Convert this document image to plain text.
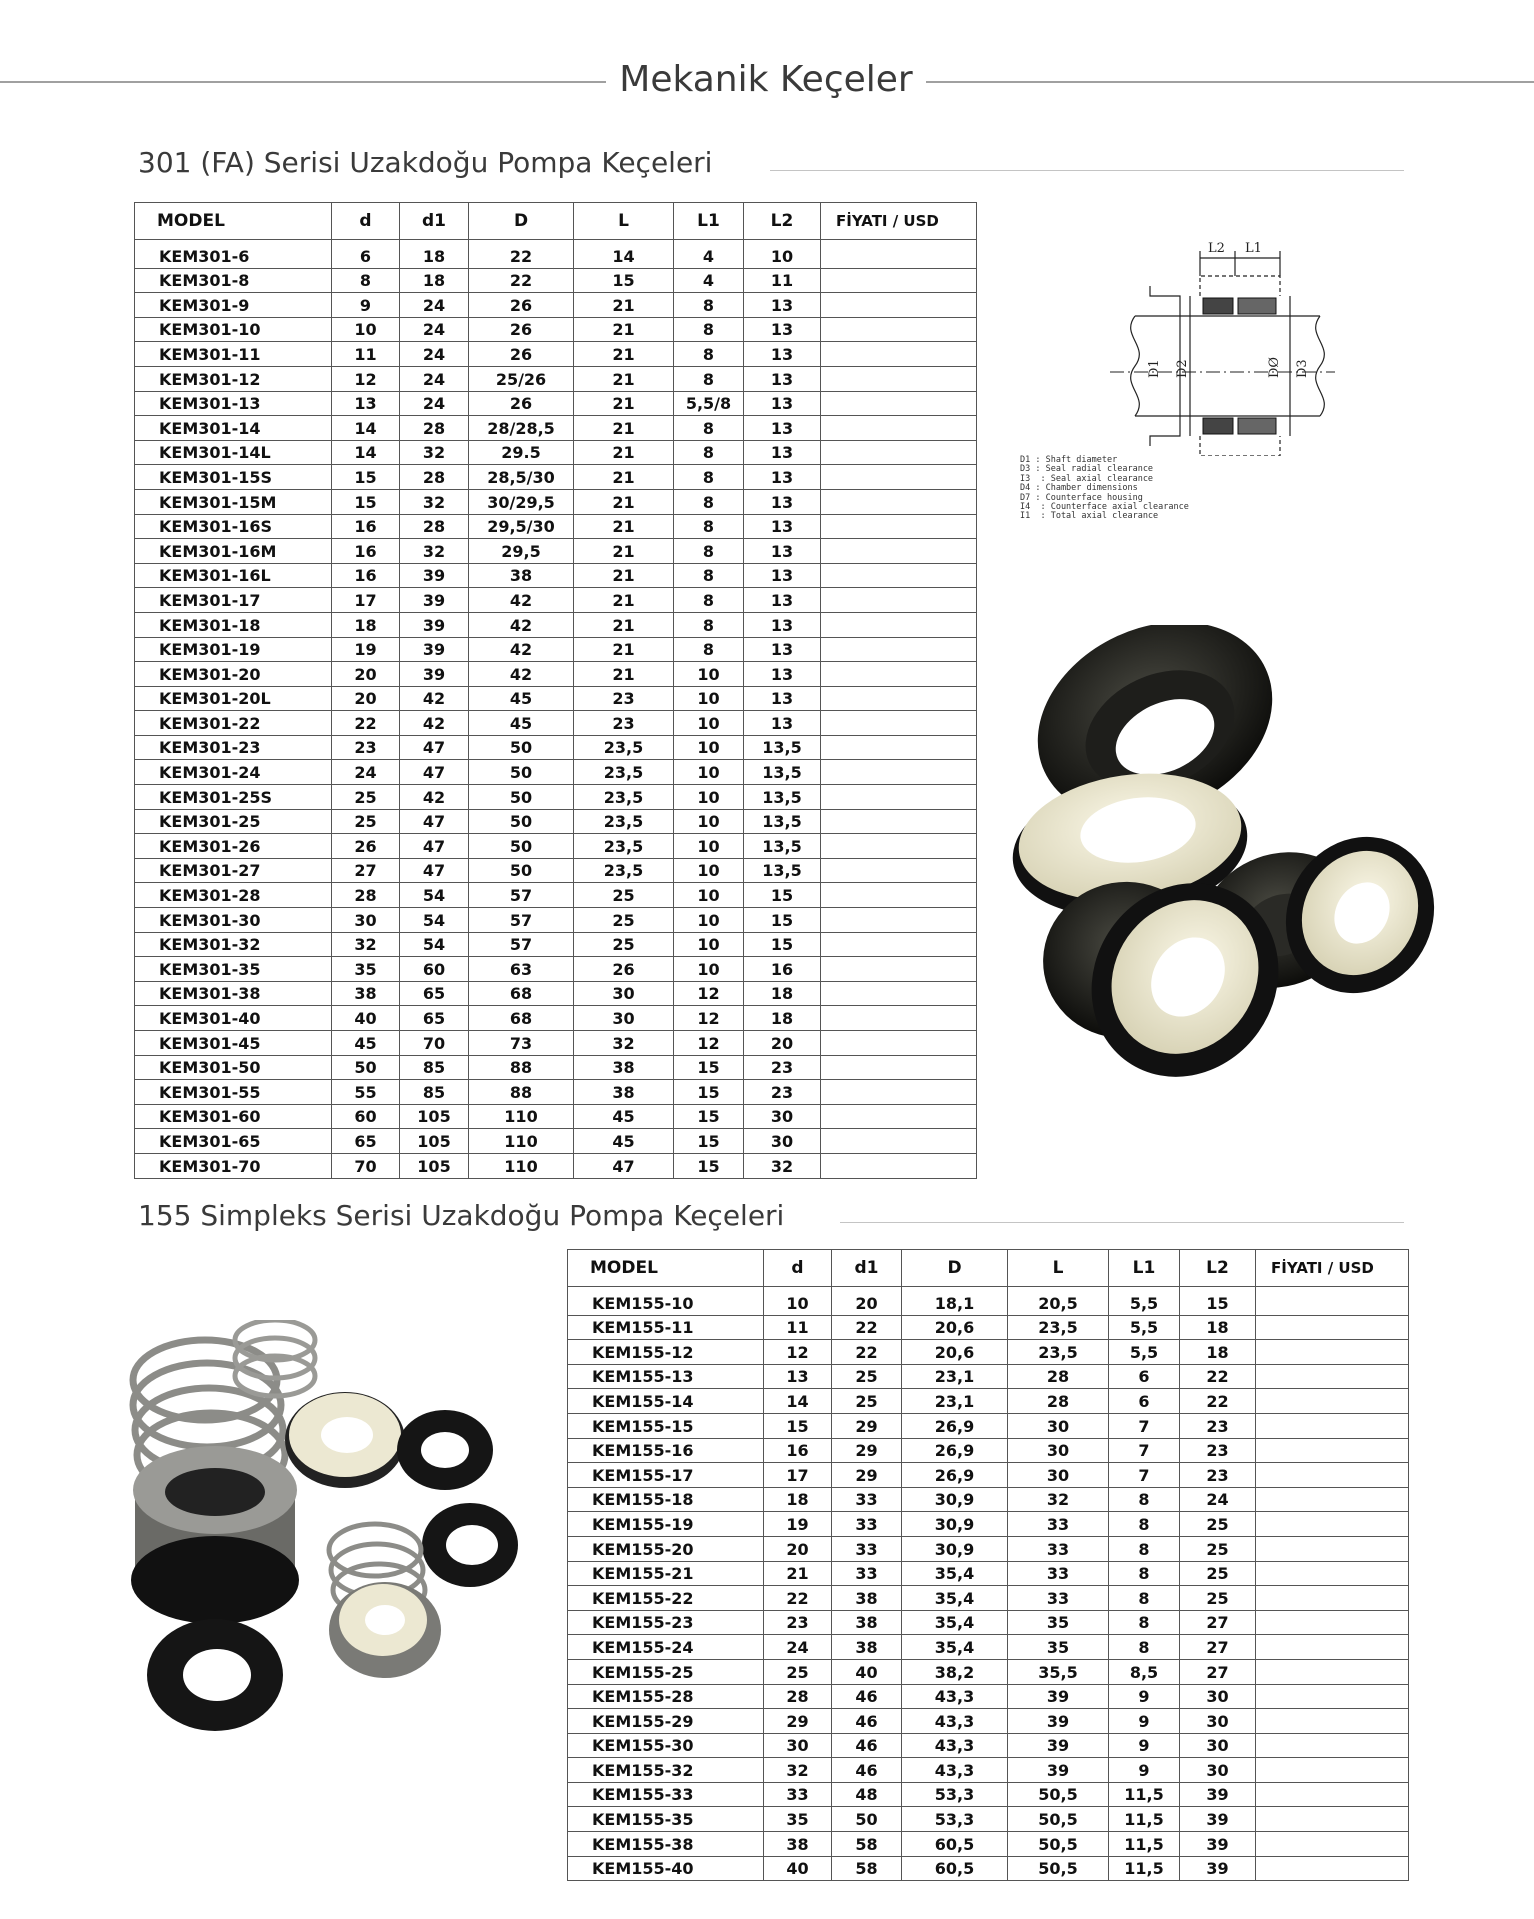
Mekanik Keçeler
301 (FA) Serisi Uzakdoğu Pompa Keçeleri
MODEL	d	d1	D	L	L1	L2	FİYATI / USD
KEM301-6	6	18	22	14	4	10	
KEM301-8	8	18	22	15	4	11	
KEM301-9	9	24	26	21	8	13	
KEM301-10	10	24	26	21	8	13	
KEM301-11	11	24	26	21	8	13	
KEM301-12	12	24	25/26	21	8	13	
KEM301-13	13	24	26	21	5,5/8	13	
KEM301-14	14	28	28/28,5	21	8	13	
KEM301-14L	14	32	29.5	21	8	13	
KEM301-15S	15	28	28,5/30	21	8	13	
KEM301-15M	15	32	30/29,5	21	8	13	
KEM301-16S	16	28	29,5/30	21	8	13	
KEM301-16M	16	32	29,5	21	8	13	
KEM301-16L	16	39	38	21	8	13	
KEM301-17	17	39	42	21	8	13	
KEM301-18	18	39	42	21	8	13	
KEM301-19	19	39	42	21	8	13	
KEM301-20	20	39	42	21	10	13	
KEM301-20L	20	42	45	23	10	13	
KEM301-22	22	42	45	23	10	13	
KEM301-23	23	47	50	23,5	10	13,5	
KEM301-24	24	47	50	23,5	10	13,5	
KEM301-25S	25	42	50	23,5	10	13,5	
KEM301-25	25	47	50	23,5	10	13,5	
KEM301-26	26	47	50	23,5	10	13,5	
KEM301-27	27	47	50	23,5	10	13,5	
KEM301-28	28	54	57	25	10	15	
KEM301-30	30	54	57	25	10	15	
KEM301-32	32	54	57	25	10	15	
KEM301-35	35	60	63	26	10	16	
KEM301-38	38	65	68	30	12	18	
KEM301-40	40	65	68	30	12	18	
KEM301-45	45	70	73	32	12	20	
KEM301-50	50	85	88	38	15	23	
KEM301-55	55	85	88	38	15	23	
KEM301-60	60	105	110	45	15	30	
KEM301-65	65	105	110	45	15	30	
KEM301-70	70	105	110	47	15	32	
L2 L1
D1 D2	DØ D3
D1 : Shaft diameter
D3 : Seal radial clearance
I3  : Seal axial clearance
D4 : Chamber dimensions
D7 : Counterface housing
I4  : Counterface axial clearance
I1  : Total axial clearance
155 Simpleks Serisi Uzakdoğu Pompa Keçeleri
MODEL	d	d1	D	L	L1	L2	FİYATI / USD
KEM155-10	10	20	18,1	20,5	5,5	15	
KEM155-11	11	22	20,6	23,5	5,5	18	
KEM155-12	12	22	20,6	23,5	5,5	18	
KEM155-13	13	25	23,1	28	6	22	
KEM155-14	14	25	23,1	28	6	22	
KEM155-15	15	29	26,9	30	7	23	
KEM155-16	16	29	26,9	30	7	23	
KEM155-17	17	29	26,9	30	7	23	
KEM155-18	18	33	30,9	32	8	24	
KEM155-19	19	33	30,9	33	8	25	
KEM155-20	20	33	30,9	33	8	25	
KEM155-21	21	33	35,4	33	8	25	
KEM155-22	22	38	35,4	33	8	25	
KEM155-23	23	38	35,4	35	8	27	
KEM155-24	24	38	35,4	35	8	27	
KEM155-25	25	40	38,2	35,5	8,5	27	
KEM155-28	28	46	43,3	39	9	30	
KEM155-29	29	46	43,3	39	9	30	
KEM155-30	30	46	43,3	39	9	30	
KEM155-32	32	46	43,3	39	9	30	
KEM155-33	33	48	53,3	50,5	11,5	39	
KEM155-35	35	50	53,3	50,5	11,5	39	
KEM155-38	38	58	60,5	50,5	11,5	39	
KEM155-40	40	58	60,5	50,5	11,5	39	
